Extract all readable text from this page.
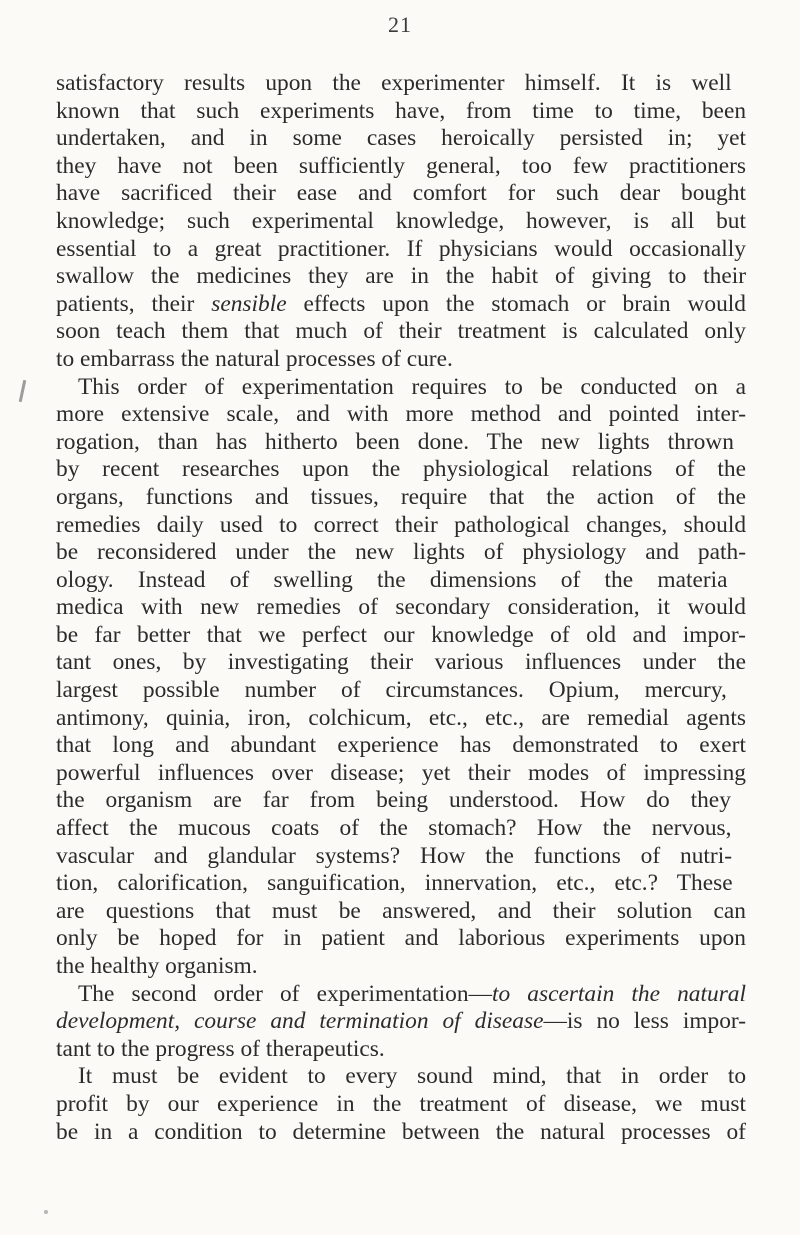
21
satisfactory results upon the experimenter himself. It is well
known that such experiments have, from time to time, been
undertaken, and in some cases heroically persisted in; yet
they have not been sufficiently general, too few practitioners
have sacrificed their ease and comfort for such dear bought
knowledge; such experimental knowledge, however, is all but
essential to a great practitioner. If physicians would occasionally
swallow the medicines they are in the habit of giving to their
patients, their sensible effects upon the stomach or brain would
soon teach them that much of their treatment is calculated only
to embarrass the natural processes of cure.
This order of experimentation requires to be conducted on a
more extensive scale, and with more method and pointed inter-
rogation, than has hitherto been done. The new lights thrown
by recent researches upon the physiological relations of the
organs, functions and tissues, require that the action of the
remedies daily used to correct their pathological changes, should
be reconsidered under the new lights of physiology and path-
ology. Instead of swelling the dimensions of the materia
medica with new remedies of secondary consideration, it would
be far better that we perfect our knowledge of old and impor-
tant ones, by investigating their various influences under the
largest possible number of circumstances. Opium, mercury,
antimony, quinia, iron, colchicum, etc., etc., are remedial agents
that long and abundant experience has demonstrated to exert
powerful influences over disease; yet their modes of impressing
the organism are far from being understood. How do they
affect the mucous coats of the stomach? How the nervous,
vascular and glandular systems? How the functions of nutri-
tion, calorification, sanguification, innervation, etc., etc.? These
are questions that must be answered, and their solution can
only be hoped for in patient and laborious experiments upon
the healthy organism.
The second order of experimentation—to ascertain the natural
development, course and termination of disease—is no less impor-
tant to the progress of therapeutics.
It must be evident to every sound mind, that in order to
profit by our experience in the treatment of disease, we must
be in a condition to determine between the natural processes of
